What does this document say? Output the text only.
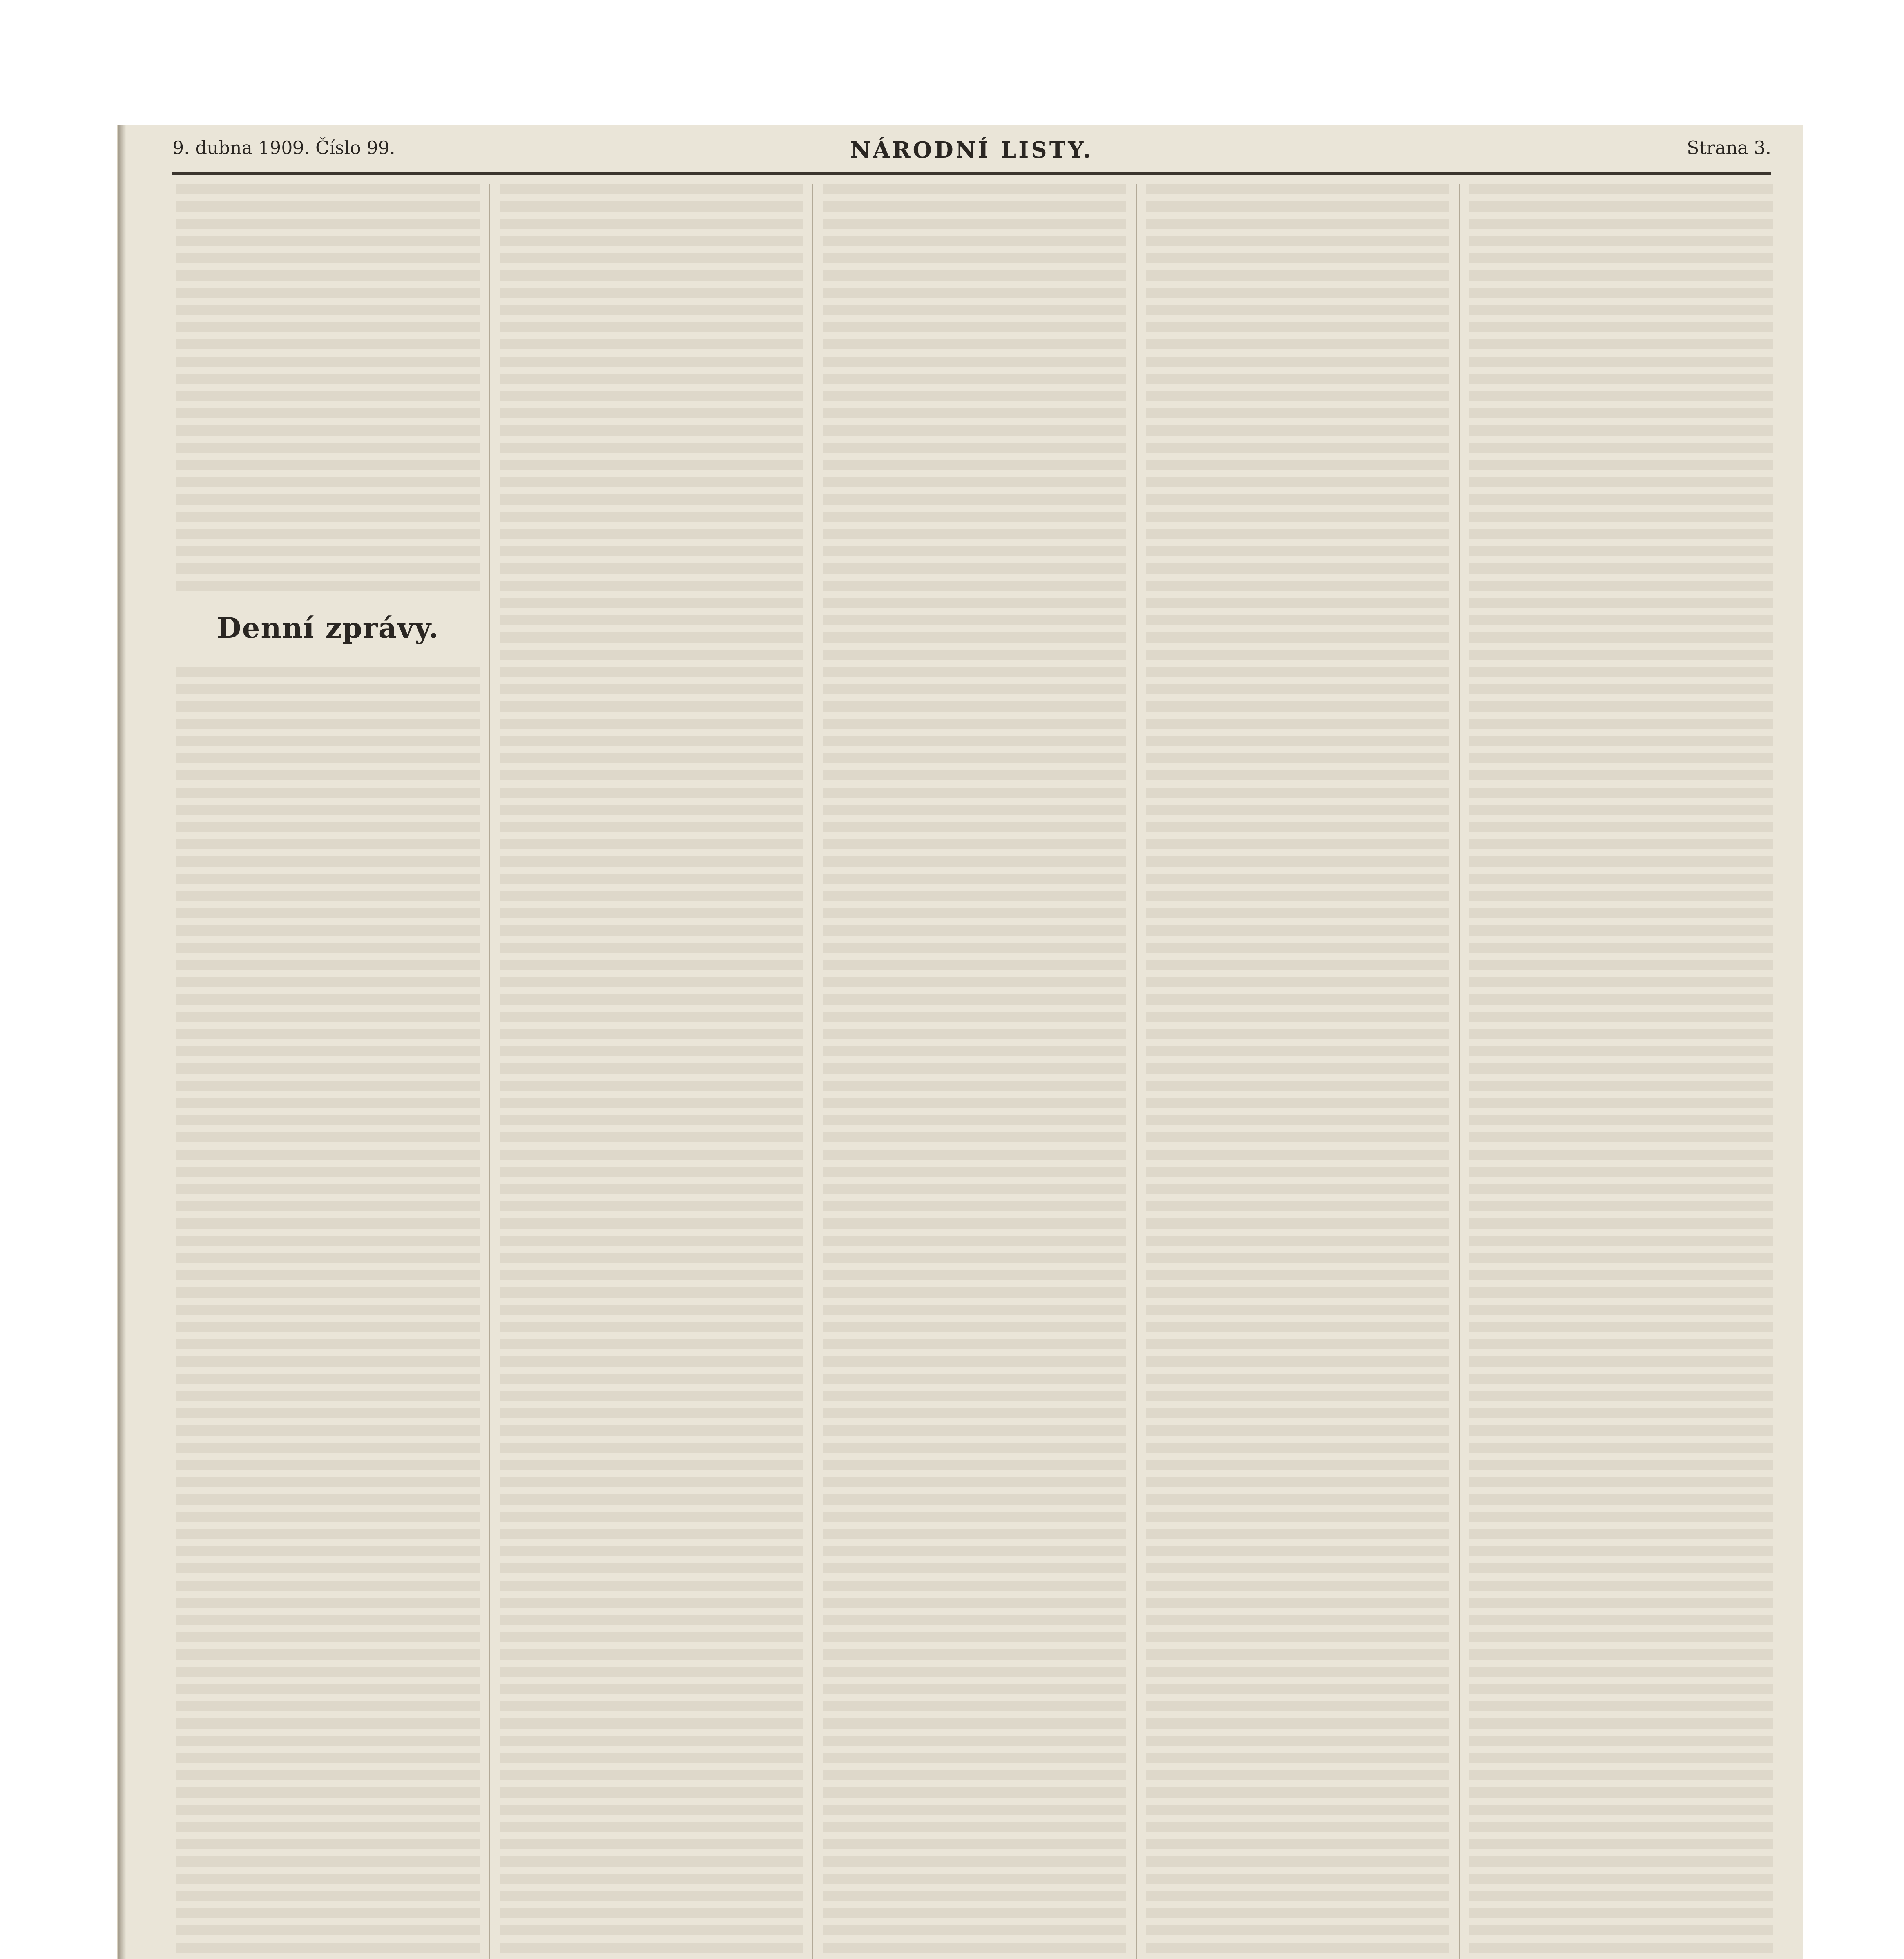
9. dubna 1909. Číslo 99.	NÁRODNÍ LISTY.	Strana 3.
Denní zprávy.
